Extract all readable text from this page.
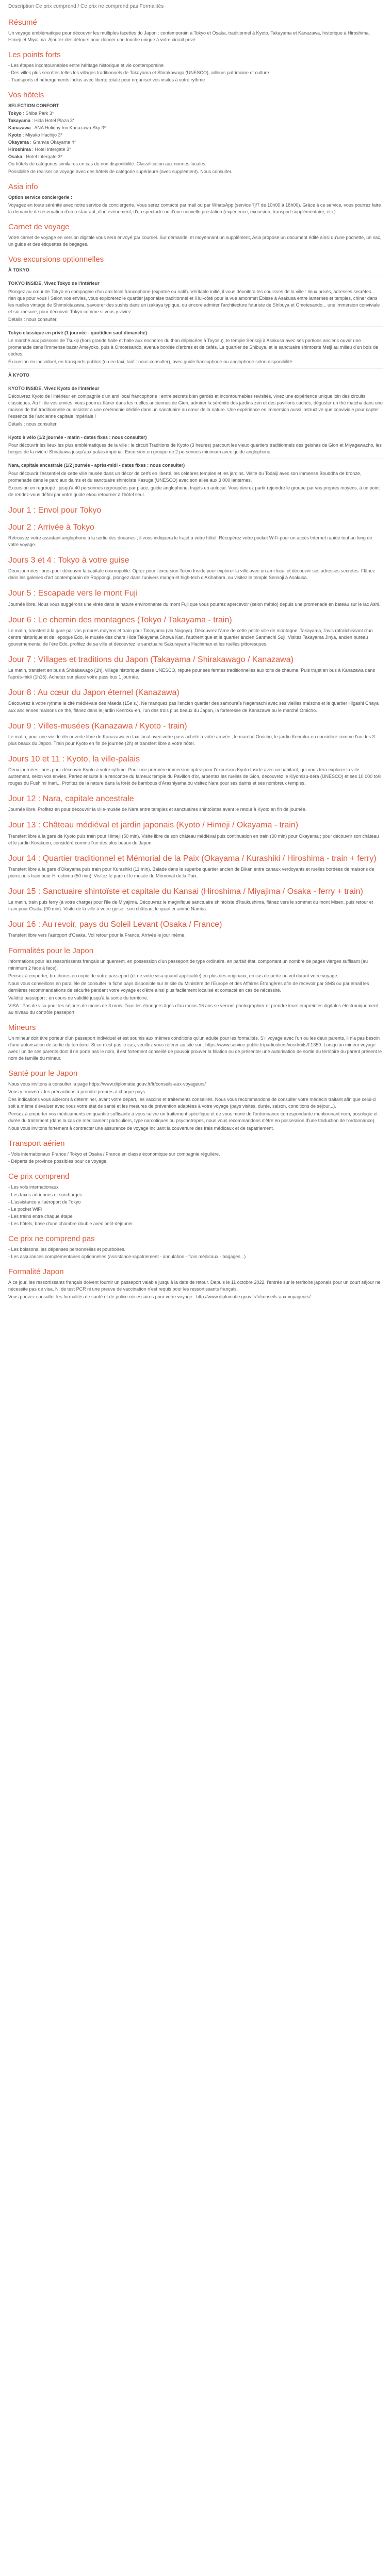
Description Ce prix comprend / Ce prix ne comprend pas Formalités
Résumé

Un voyage emblématique pour découvrir les multiples facettes du Japon : contemporain à Tokyo et Osaka, traditionnel à Kyoto, Takayama et Kanazawa, historique à Hiroshima, Himeji et Miyajima. Ajoutez des détours pour donner une touche unique à votre circuit privé.

Les points forts

- Les étapes incontournables entre héritage historique et vie contemporaine

- Des villes plus secrètes telles les villages traditionnels de Takayama et Shirakawago (UNESCO), ailleurs patrimoine et culture

- Transports et hébergements inclus avec liberté totale pour organiser vos visites à votre rythme

Vos hôtels

SELECTION CONFORT

Tokyo : Shiba Park 3*

Takayama : Hida Hotel Plaza 3*

Kanazawa : ANA Holiday Inn Kanazawa Sky 3*

Kyoto : Miyako Hachijo 3*

Okayama : Granvia Okayama 4*

Hiroshima : Hotel Intergate 3*

Osaka : Hotel Intergate 3*

Ou hôtels de catégories similaires en cas de non disponibilité. Classification aux normes locales.

Possibilité de réaliser ce voyage avec des hôtels de catégorie supérieure (avec supplément). Nous consulter.

Asia info

Option service conciergerie :

Voyagez en toute sérénité avec notre service de conciergerie. Vous serez contacté par mail ou par WhatsApp (service 7j/7 de 10h00 à 18h00). Grâce à ce service, vous pourrez faire la demande de réservation d'un restaurant, d'un événement, d'un spectacle ou d'une nouvelle prestation (expérience, excursion, transport supplémentaire, etc.).

Carnet de voyage

Votre carnet de voyage en version digitale vous sera envoyé par courriel. Sur demande, et moyennant un supplément, Asia propose un document édité ainsi qu'une pochette, un sac, un guide et des étiquettes de bagages.

Vos excursions optionnelles

À TOKYO

TOKYO INSIDE, Vivez Tokyo de l'intérieur

Plongez au cœur de Tokyo en compagnie d'un ami local francophone (expatrié ou natif). Véritable initié, il vous dévoilera les coulisses de la ville : lieux prisés, adresses secrètes... rien que pour vous ! Selon vos envies, vous explorerez le quartier japonaise traditionnel et il lui-côté pour la vue amonmet Ebisse à Asakusa entre lanternes et temples, chiner dans les ruelles vintage de Shimokitazawa, savourer des sushis dans un izakaya typique, ou encore admirer l'architecture futuriste de Shibuya et Omotesando... une immersion conviviale et sur mesure, pour découvrir Tokyo comme si vous y viviez.

Détails : nous consulter.

Tokyo classique en privé (1 journée - quotidien sauf dimanche)

Le marché aux poissons de Tsukiji (hors grande halle et halle aux enchères du thon déplacées à Toyosu), le temple Sensoji à Asakusa avec ses portions anciens ouvrir une promenade dans l'immense bazar Ameyoko, puis à Omotesando, avenue bordée d'arbres et de cafés. Le quartier de Shibuya, et le sanctuaire shintoïste Meiji au milieu d'un bois de cèdres.

Excursion en individuel, en transports publics (ou en taxi, tarif : nous consulter), avec guide francophone ou anglophone selon disponibilité.

À KYOTO

KYOTO INSIDE, Vivez Kyoto de l'intérieur

Découvrez Kyoto de l'intérieur en compagnie d'un ami local francophone : entre secrets bien gardés et incontournables revisités, vivez une expérience unique loin des circuits classiques. Au fil de vos envies, vous pourrez flâner dans les ruelles anciennes de Gion, admirer la sérénité des jardins zen et des pavillons cachés, déguster un thé matcha dans une maison de thé traditionnelle ou assister à une cérémonie dédiée dans un sanctuaire au cœur de la nature. Une expérience en immersion aussi instructive que conviviale pour capter l'essence de l'ancienne capitale impériale !

Détails : nous consulter.

Kyoto à vélo (1/2 journée - matin - dates fixes : nous consulter)

Pour découvrir les lieux les plus emblématiques de la ville : le circuit Traditions de Kyoto (3 heures) parcourt les vieux quartiers traditionnels des geishas de Gion et Miyagawacho, les berges de la rivière Shirakawa jusqu'aux palais impérial. Excursion en groupe de 2 personnes minimum avec guide anglophone.

Nara, capitale ancestrale (1/2 journée - après-midi - dates fixes : nous consulter)

Pour découvrir l'essentiel de cette ville musée dans un décor de cerfs en liberté, les célèbres temples et les jardins. Visite du Todaiji avec son immense Bouddha de bronze, promenade dans le parc aux daims et du sanctuaire shintoïste Kasuga (UNESCO) avec son allée aux 3 000 lanternes.

Excursion en regroupé : jusqu'à 40 personnes regroupées par place, guide anglophone, trajets en autocar. Vous devrez partir rejoindre le groupe par vos propres moyens, à un point de rendez-vous défini par votre guide et/ou retourner à l'hôtel seul.

Jour 1 : Envol pour Tokyo
Jour 2 : Arrivée à Tokyo

Retrouvez votre assistant anglophone à la sortie des douanes ; il vous indiquera le trajet à votre hôtel. Récupérez votre pocket WiFi pour un accès Internet rapide tout au long de votre voyage.

Jours 3 et 4 : Tokyo à votre guise

Deux journées libres pour découvrir la capitale cosmopolite. Optez pour l'excursion Tokyo Inside pour explorer la ville avec un ami local et découvrir ses adresses secrètes. Flânez dans les galeries d'art contemporain de Roppongi, plongez dans l'univers manga et high-tech d'Akihabara, ou visitez le temple Sensoji à Asakusa.

Jour 5 : Escapade vers le mont Fuji

Journée libre. Nous vous suggérons une virée dans la nature environnante du mont Fuji que vous pourrez apercevoir (selon météo) depuis une promenade en bateau sur le lac Ashi.

Jour 6 : Le chemin des montagnes (Tokyo / Takayama - train)

Le matin, transfert à la gare par vos propres moyens et train pour Takayama (via Nagoya). Découvrez l'âme de cette petite ville de montagne. Takayama, l'avis rafraîchissant d'un centre historique et de l'époque Edo, le musée des chars Hida Takayama Showa Kan, l'authentique et le quartier ancien Sanmachi Suji. Visitez Takayama Jinya, ancien bureau gouvernemental de l'ère Edo, profitez de sa ville et découvrez le sanctuaire Sakurayama Hachiman et les ruelles pittoresques.

Jour 7 : Villages et traditions du Japon (Takayama / Shirakawago / Kanazawa)

Le matin, transfert en bus à Shirakawago (1h), village historique classé UNESCO, réputé pour ses fermes traditionnelles aux toits de chaume. Puis trajet en bus à Kanazawa dans l'après-midi (1h15). Achetez sur place votre pass bus 1 journée.

Jour 8 : Au cœur du Japon éternel (Kanazawa)

Découvrez à votre rythme la cité médiévale des Maeda (15e s.). Ne manquez pas l'ancien quartier des samouraïs Nagamachi avec ses vieilles maisons et le quartier Higashi Chaya aux anciennes maisons de thé, flânez dans le jardin Kenroku-en, l'un des trois plus beaux du Japon, la forteresse de Kanazawa ou le marché Omicho.

Jour 9 : Villes-musées (Kanazawa / Kyoto - train)

Le matin, pour une vie de découverte libre de Kanazawa en taxi local avec votre pass acheté à votre arrivée ; le marché Omicho, le jardin Kenroku-en considéré comme l'un des 3 plus beaux du Japon. Train pour Kyoto en fin de journée (2h) et transfert libre à votre hôtel.

Jours 10 et 11 : Kyoto, la ville-palais

Deux journées libres pour découvrir Kyoto à votre rythme. Pour une première immersion optez pour l'excursion Kyoto Inside avec un habitant, qui vous fera explorer la ville autrement, selon vos envies. Partez ensuite à la rencontre du fameux temple du Pavillon d'or, arpentez les ruelles de Gion, découvrez le Kiyomizu-dera (UNESCO) et ses 10 000 torii rouges du Fushimi Inari... Profitez de la nature dans la forêt de bambous d'Arashiyama ou visitez Nara pour ses daims et ses nombreux temples.

Jour 12 : Nara, capitale ancestrale

Journée libre. Profitez en pour découvrir la ville-musée de Nara entre temples et sanctuaires shintoïstes avant le retour à Kyoto en fin de journée.

Jour 13 : Château médiéval et jardin japonais (Kyoto / Himeji / Okayama - train)

Transfert libre à la gare de Kyoto puis train pour Himeji (50 min). Visite libre de son château médiéval puis continuation en train (30 min) pour Okayama ; pour découvrir son château et le jardin Korakuen, considéré comme l'un des plus beaux du Japon.

Jour 14 : Quartier traditionnel et Mémorial de la Paix (Okayama / Kurashiki / Hiroshima - train + ferry)

Transfert libre à la gare d'Okayama puis train pour Kurashiki (11 min). Balade dans le superbe quartier ancien de Bikan entre canaux verdoyants et ruelles bordées de maisons de pierre puis train pour Hiroshima (50 min). Visitez le parc et le musée du Mémorial de la Paix.

Jour 15 : Sanctuaire shintoïste et capitale du Kansai (Hiroshima / Miyajima / Osaka - ferry + train)

Le matin, train puis ferry (à votre charge) pour l'île de Miyajima. Découvrez le magnifique sanctuaire shintoïste d'Itsukushima, flânez vers le sommet du mont Misen, puis retour et train pour Osaka (90 min). Visite de la ville à votre guise : son château, le quartier animé Namba.

Jour 16 : Au revoir, pays du Soleil Levant (Osaka / France)

Transfert libre vers l'aéroport d'Osaka. Vol retour pour la France. Arrivée le jour même.

Formalités pour le Japon

Informations pour les ressortissants français uniquement, en possession d'un passeport de type ordinaire, en parfait état, comportant un nombre de pages vierges suffisant (au minimum 2 face à face).

Pensez à emporter, brochures en copie de votre passeport (et de votre visa quand applicable) en plus des originaux, en cas de perte ou vol durant votre voyage.

Nous vous conseillons en parallèle de consulter la fiche pays disponible sur le site du Ministère de l'Europe et des Affaires Étrangères afin de recevoir par SMS ou par email les dernières recommandations de sécurité pendant votre voyage et d'être ainsi plus facilement localisé et contacté en cas de nécessité.

Validité passeport : en cours de validité jusqu'à la sortie du territoire.

VISA : Pas de visa pour les séjours de moins de 3 mois. Tous les étrangers âgés d'au moins 16 ans se verront photographier et prendre leurs empreintes digitales électroniquement au niveau du contrôle passeport.

Mineurs

Un mineur doit être porteur d'un passeport individuel et est soumis aux mêmes conditions qu'un adulte pour les formalités. S'il voyage avec l'un ou les deux parents, il n'a pas besoin d'une autorisation de sortie du territoire. Si ce n'est pas le cas, veuillez vous référer au site sur : https://www.service-public.fr/particuliers/vosdroits/F1359. Lorsqu'un mineur voyage avec l'un de ses parents dont il ne porte pas le nom, il est fortement conseillé de pouvoir prouver la filiation ou de présenter une autorisation de sortie du territoire du parent présent le nom de famille du mineur.

Santé pour le Japon

Nous vous invitons à consulter la page https://www.diplomatie.gouv.fr/fr/conseils-aux-voyageurs/

Vous y trouverez les précautions à prendre propres à chaque pays.

Des indications vous aideront à déterminer, avant votre départ, les vaccins et traitements conseillés. Nous vous recommandons de consulter votre médecin traitant afin que celui-ci soit à même d'évaluer avec vous votre état de santé et les mesures de prévention adaptées à votre voyage (pays visités, durée, saison, conditions de séjour...).

Pensez à emporter vos médicaments en quantité suffisante à vous suivre un traitement spécifique et de vous munir de l'ordonnance correspondante mentionnant nom, posologie et durée du traitement (dans la cas de médicament particuliers, type narcotiques ou psychotropes, nous vous recommandons d'être en possession d'une traduction de l'ordonnance).

Nous vous invitons fortement à contracter une assurance de voyage incluant la couverture des frais médicaux et de rapatriement.

Transport aérien

- Vols internationaux France / Tokyo et Osaka / France en classe économique sur compagnie régulière.

- Départs de province possibles pour ce voyage.

Ce prix comprend

- Les vols internationaux

- Les taxes aériennes et surcharges

- L'assistance à l'aéroport de Tokyo

- Le pocket WiFi

- Les trains entre chaque étape

- Les hôtels, base d'une chambre double avec petit-déjeuner

Ce prix ne comprend pas

- Les boissons, les dépenses personnelles et pourboires.

- Les assurances complémentaires optionnelles (assistance-rapatriement - annulation - frais médicaux - bagages...)

Formalité Japon

À ce jour, les ressortissants français doivent fournir un passeport valable jusqu'à la date de retour. Depuis le 11 octobre 2022, l'entrée sur le territoire japonais pour un court séjour ne nécessite pas de visa. Ni de test PCR ni une preuve de vaccination n'est requis pour les ressortissants français.

Vous pouvez consulter les formalités de santé et de police nécessaires pour votre voyage : http://www.diplomatie.gouv.fr/fr/conseils-aux-voyageurs/
